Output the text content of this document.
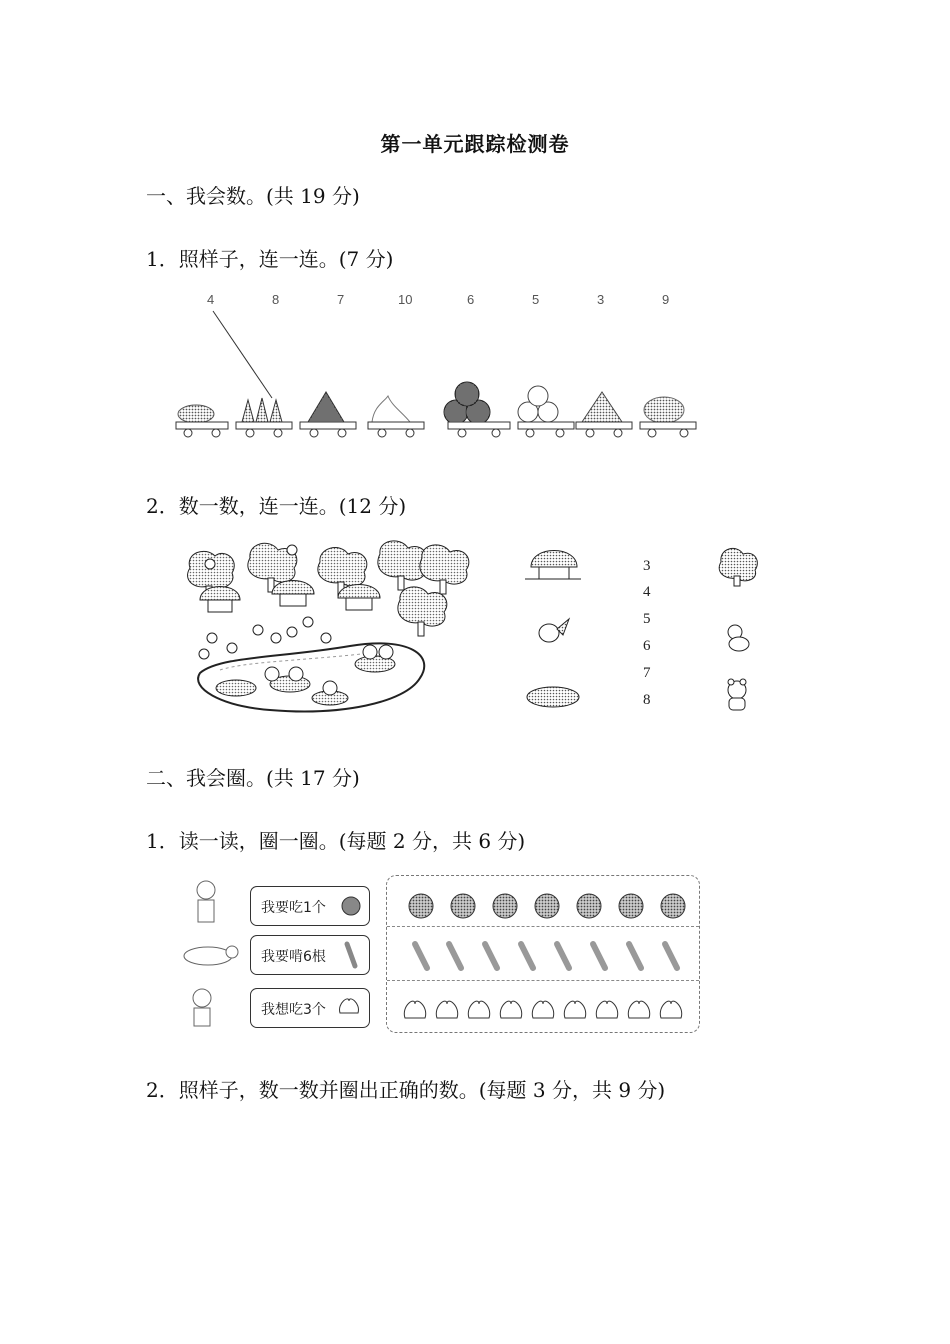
第一单元跟踪检测卷
一、我会数。(共 19 分)
1．照样子，连一连。(7 分)
4	8	7	10	6	5	3	9
2．数一数，连一连。(12 分)
3
4
5
6
7
8
二、我会圈。(共 17 分)
1．读一读，圈一圈。(每题 2 分，共 6 分)
我要吃1个
我要啃6根
我想吃3个
2．照样子，数一数并圈出正确的数。(每题 3 分，共 9 分)
